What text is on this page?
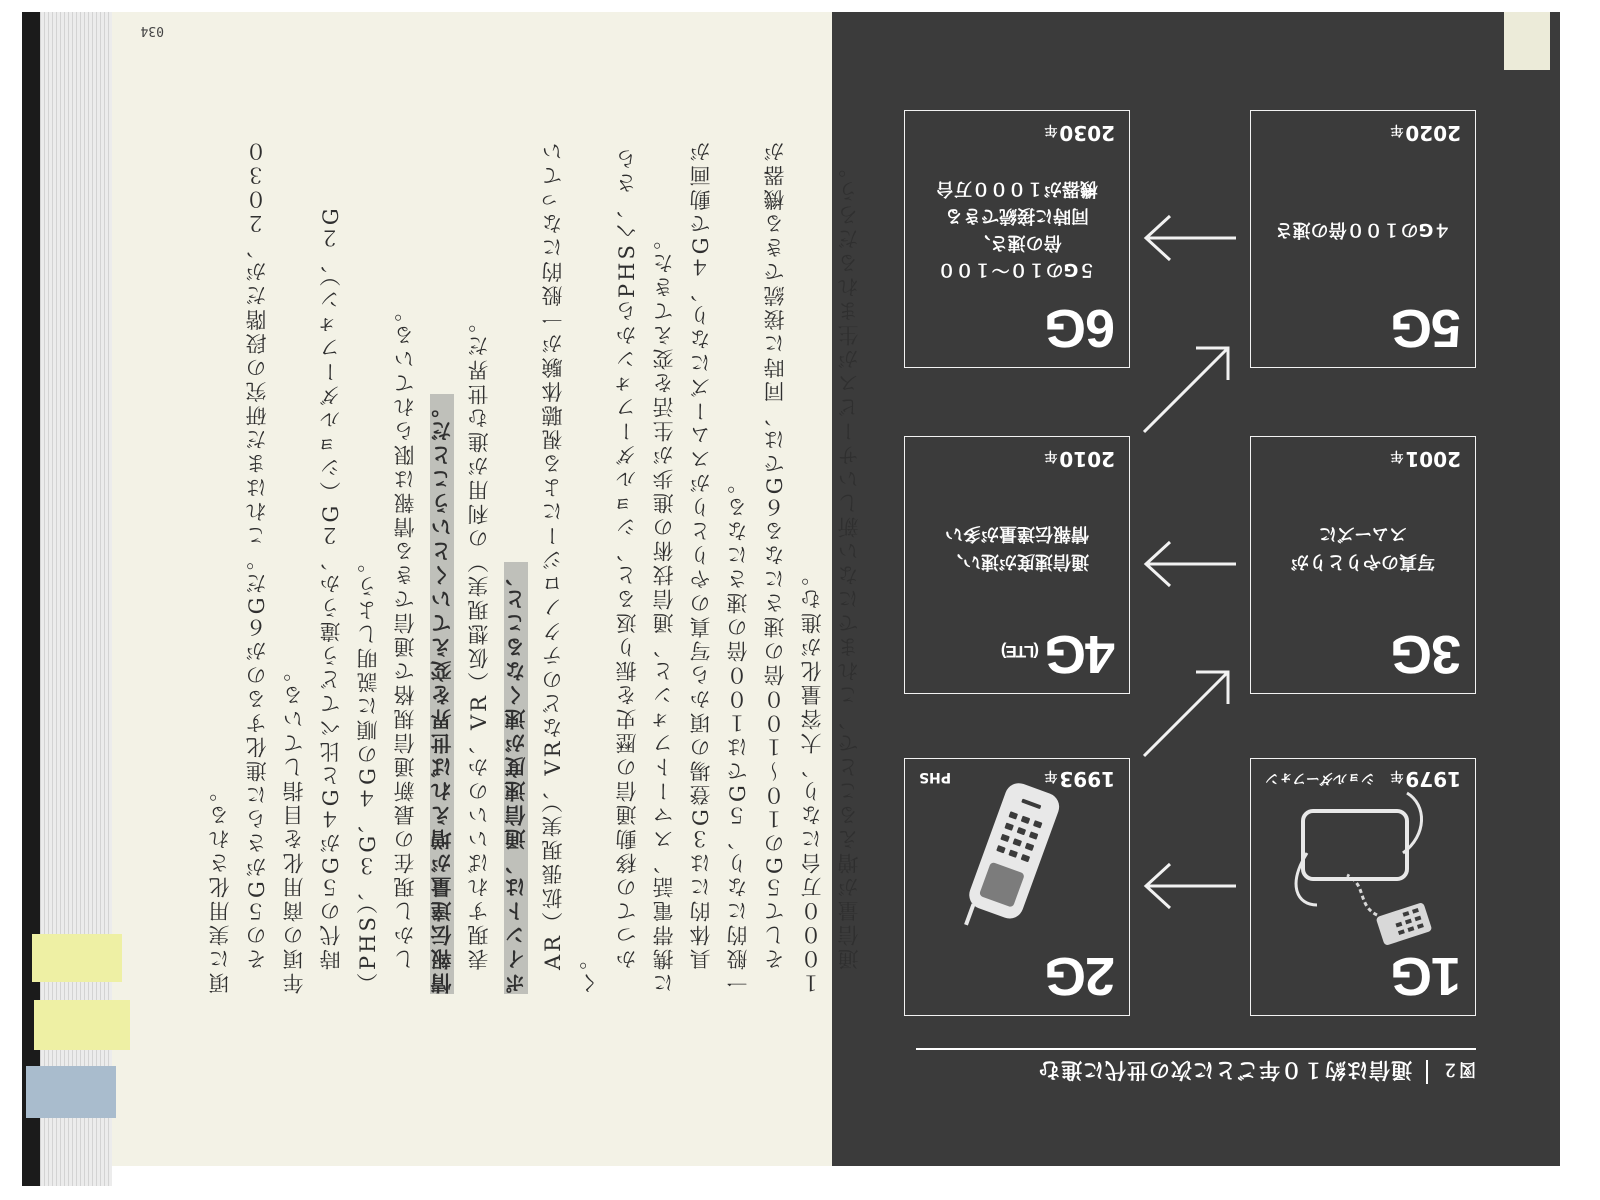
図２
通信は約１０年ごとに次の世代に進む
1G
1979年
ショルダーフォン
2G
1993年
PHS
3G
写真のやりとりが
スムーズに
2001年
4G(LTE)
通信速度が速い、
情報伝達量が多い
2010年
5G
４Gの１００倍の速さ
2020年
6G
５Gの１０〜１００
倍の速さ、
同時に接続できる
機器が１０００万台
2030年
034

頃に実用化される。 　その５Gがさらに進化するのが６Gだ。これはまだ研究の段階だが、２０３０年頃の商用化を目指している。 　時代の５Gが４Gと比べてどう違うか、２G（ショルダーフォン）、２G（PHS）、３G、４Gの順に説明しよう。 　しかし現在の最新通信規格で通信できる情報は限られている。 情報伝達量が増えれば世界を変えていくということだ。 　表現すればいいのか、VR（仮想現実）の利用が進む世界だ。 ポイントは、通信速度が速くなること、 　AR（拡張現実）、VRなどのテクノロジーによる視聴体験が一般的になっていく。 　かつての移動通信の歴史を振り返ると、ショルダーフォンからPHSへ、さらに携帯電話、スマートフォンと、通信技術の進歩が生活を変えてきた。 　具体的には３G登場の頃から写真のやりとりがスムーズになり、４Gで動画が一般的になり、５Gでは１００倍の速さになる。 　そして５Gの１０〜１００倍の速さになる６Gでは、同時に接続できる機器が１０００万台になり、大容量化が進む。 　通信量が増えることで、これまでにない新しいサービスが生まれるだろう。
